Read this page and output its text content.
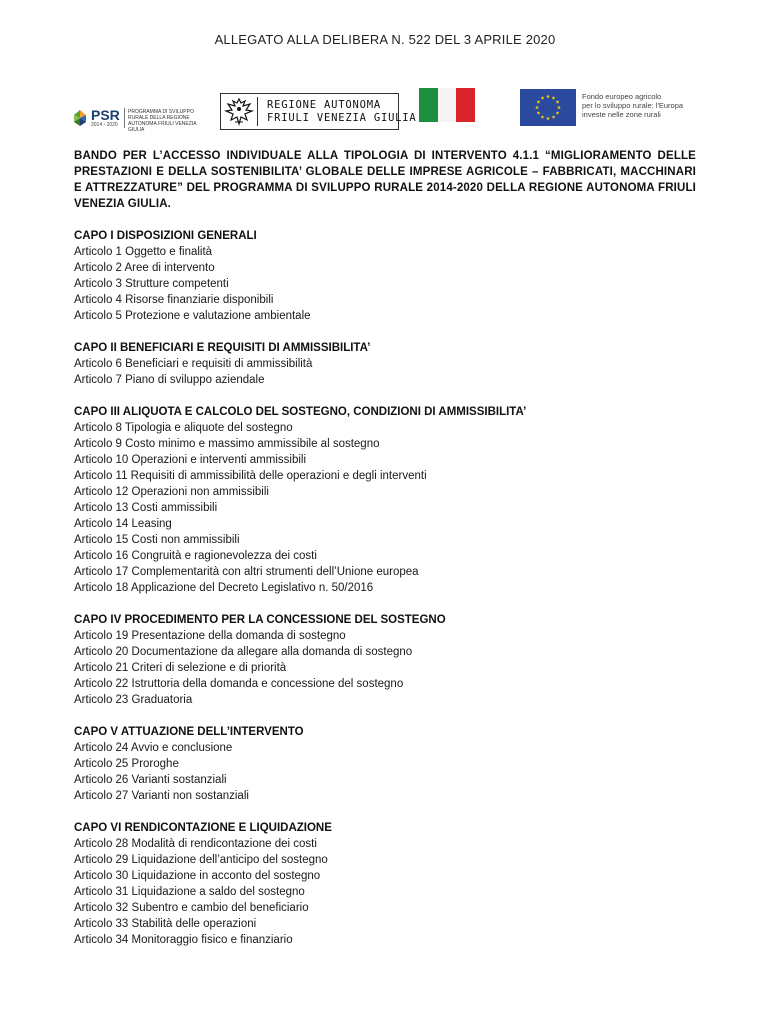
ALLEGATO ALLA DELIBERA N. 522 DEL 3 APRILE 2020
PSR
2014 - 2020
PROGRAMMA DI SVILUPPO RURALE DELLA REGIONE AUTONOMA FRIULI VENEZIA GIULIA
REGIONE AUTONOMA
FRIULI VENEZIA GIULIA
Fondo europeo agricolo
per lo sviluppo rurale: l'Europa
investe nelle zone rurali
BANDO PER L’ACCESSO INDIVIDUALE ALLA TIPOLOGIA DI INTERVENTO 4.1.1 “MIGLIORAMENTO DELLE PRESTAZIONI E DELLA SOSTENIBILITA’ GLOBALE DELLE IMPRESE AGRICOLE – FABBRICATI, MACCHINARI E ATTREZZATURE” DEL PROGRAMMA DI SVILUPPO RURALE 2014-2020 DELLA REGIONE AUTONOMA FRIULI VENEZIA GIULIA.
CAPO I DISPOSIZIONI GENERALI
Articolo 1 Oggetto e finalità
Articolo 2 Aree di intervento
Articolo 3 Strutture competenti
Articolo 4 Risorse finanziarie disponibili
Articolo 5 Protezione e valutazione ambientale
CAPO II BENEFICIARI E REQUISITI DI AMMISSIBILITA’
Articolo 6 Beneficiari e requisiti di ammissibilità
Articolo 7 Piano di sviluppo aziendale
CAPO III ALIQUOTA E CALCOLO DEL SOSTEGNO, CONDIZIONI DI AMMISSIBILITA’
Articolo 8 Tipologia e aliquote del sostegno
Articolo 9 Costo minimo e massimo ammissibile al sostegno
Articolo 10 Operazioni e interventi ammissibili
Articolo 11 Requisiti di ammissibilità delle operazioni e degli interventi
Articolo 12 Operazioni non ammissibili
Articolo 13 Costi ammissibili
Articolo 14 Leasing
Articolo 15 Costi non ammissibili
Articolo 16 Congruità e ragionevolezza dei costi
Articolo 17 Complementarità con altri strumenti dell’Unione europea
Articolo 18 Applicazione del Decreto Legislativo n. 50/2016
CAPO IV PROCEDIMENTO PER LA CONCESSIONE DEL SOSTEGNO
Articolo 19 Presentazione della domanda di sostegno
Articolo 20 Documentazione da allegare alla domanda di sostegno
Articolo 21 Criteri di selezione e di priorità
Articolo 22 Istruttoria della domanda e concessione del sostegno
Articolo 23 Graduatoria
CAPO V ATTUAZIONE DELL’INTERVENTO
Articolo 24 Avvio e conclusione
Articolo 25 Proroghe
Articolo 26 Varianti sostanziali
Articolo 27 Varianti non sostanziali
CAPO VI RENDICONTAZIONE E LIQUIDAZIONE
Articolo 28 Modalità di rendicontazione dei costi
Articolo 29 Liquidazione dell’anticipo del sostegno
Articolo 30 Liquidazione in acconto del sostegno
Articolo 31 Liquidazione a saldo del sostegno
Articolo 32 Subentro e cambio del beneficiario
Articolo 33 Stabilità delle operazioni
Articolo 34 Monitoraggio fisico e finanziario
